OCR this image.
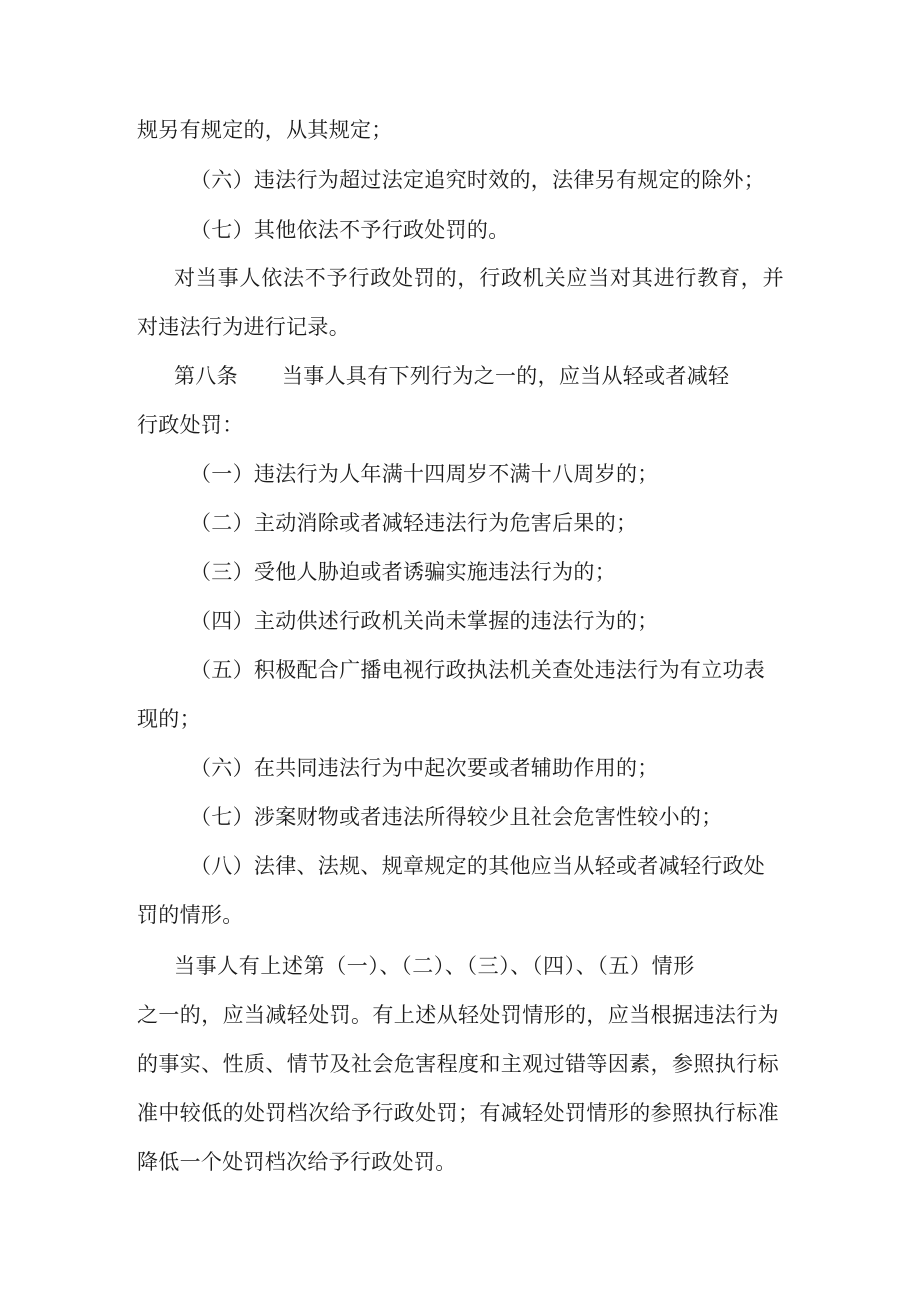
规另有规定的，从其规定；
（六）违法行为超过法定追究时效的，法律另有规定的除外；
（七）其他依法不予行政处罚的。
对当事人依法不予行政处罚的，行政机关应当对其进行教育，并
对违法行为进行记录。
第八条 当事人具有下列行为之一的，应当从轻或者减轻
行政处罚：
（一）违法行为人年满十四周岁不满十八周岁的；
（二）主动消除或者减轻违法行为危害后果的；
（三）受他人胁迫或者诱骗实施违法行为的；
（四）主动供述行政机关尚未掌握的违法行为的；
（五）积极配合广播电视行政执法机关查处违法行为有立功表
现的；
（六）在共同违法行为中起次要或者辅助作用的；
（七）涉案财物或者违法所得较少且社会危害性较小的；
（八）法律、法规、规章规定的其他应当从轻或者减轻行政处
罚的情形。
当事人有上述第（一）、（二）、（三）、（四）、（五）情形
之一的，应当减轻处罚。有上述从轻处罚情形的，应当根据违法行为
的事实、性质、情节及社会危害程度和主观过错等因素，参照执行标
准中较低的处罚档次给予行政处罚；有减轻处罚情形的参照执行标准
降低一个处罚档次给予行政处罚。
